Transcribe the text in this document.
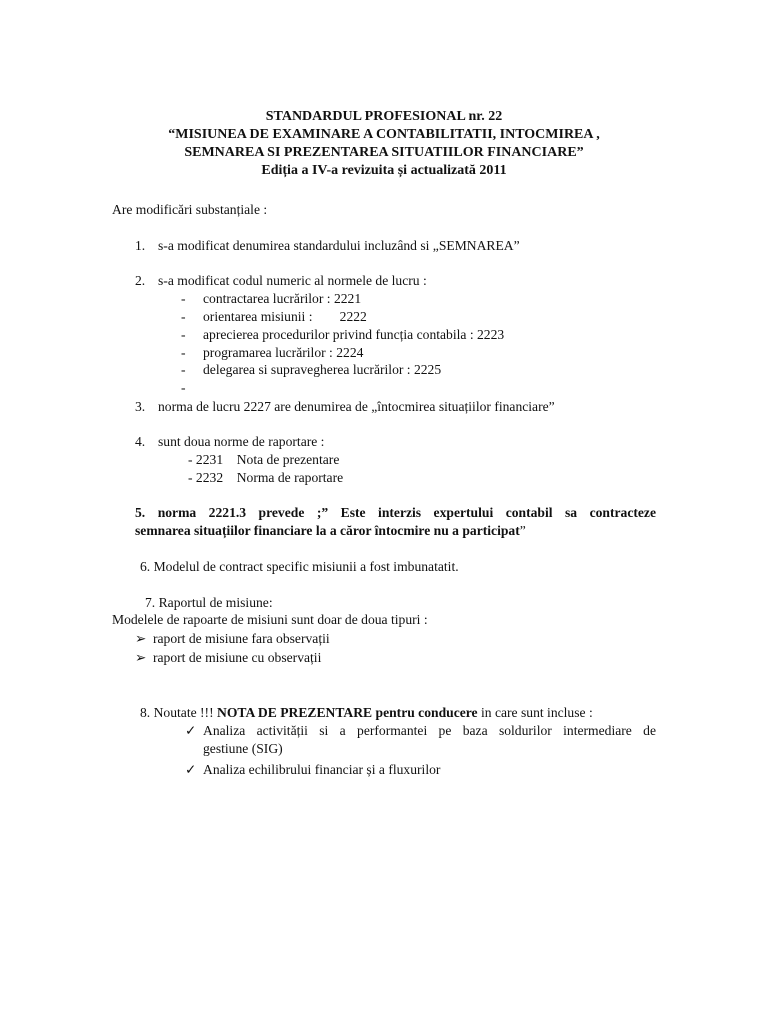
STANDARDUL PROFESIONAL nr. 22
“MISIUNEA DE EXAMINARE A CONTABILITATII, INTOCMIREA ,
SEMNAREA SI PREZENTAREA SITUATIILOR FINANCIARE”
Ediția a IV-a revizuita și actualizată 2011
Are modificări substanțiale :
1. s-a modificat denumirea standardului incluzând si „SEMNAREA”
2. s-a modificat codul numeric al normele de lucru :
- contractarea lucrărilor : 2221
- orientarea misiunii :        2222
- aprecierea procedurilor privind funcția contabila : 2223
- programarea lucrărilor : 2224
- delegarea si supravegherea lucrărilor : 2225
-
3. norma de lucru 2227 are denumirea de „întocmirea situațiilor financiare”
4. sunt doua norme de raportare :
- 2231    Nota de prezentare
- 2232    Norma de raportare
5. norma 2221.3 prevede ;” Este interzis expertului contabil sa contracteze
semnarea situațiilor financiare la a căror întocmire nu a participat”
6. Modelul de contract specific misiunii a fost imbunatatit.
7. Raportul de misiune:
Modelele de rapoarte de misiuni sunt doar de doua tipuri :
➢ raport de misiune fara observații
➢ raport de misiune cu observații
8. Noutate !!! NOTA DE PREZENTARE pentru conducere in care sunt incluse :
✓ Analiza activității si a performantei pe baza soldurilor intermediare de
gestiune (SIG)
✓ Analiza echilibrului financiar și a fluxurilor
